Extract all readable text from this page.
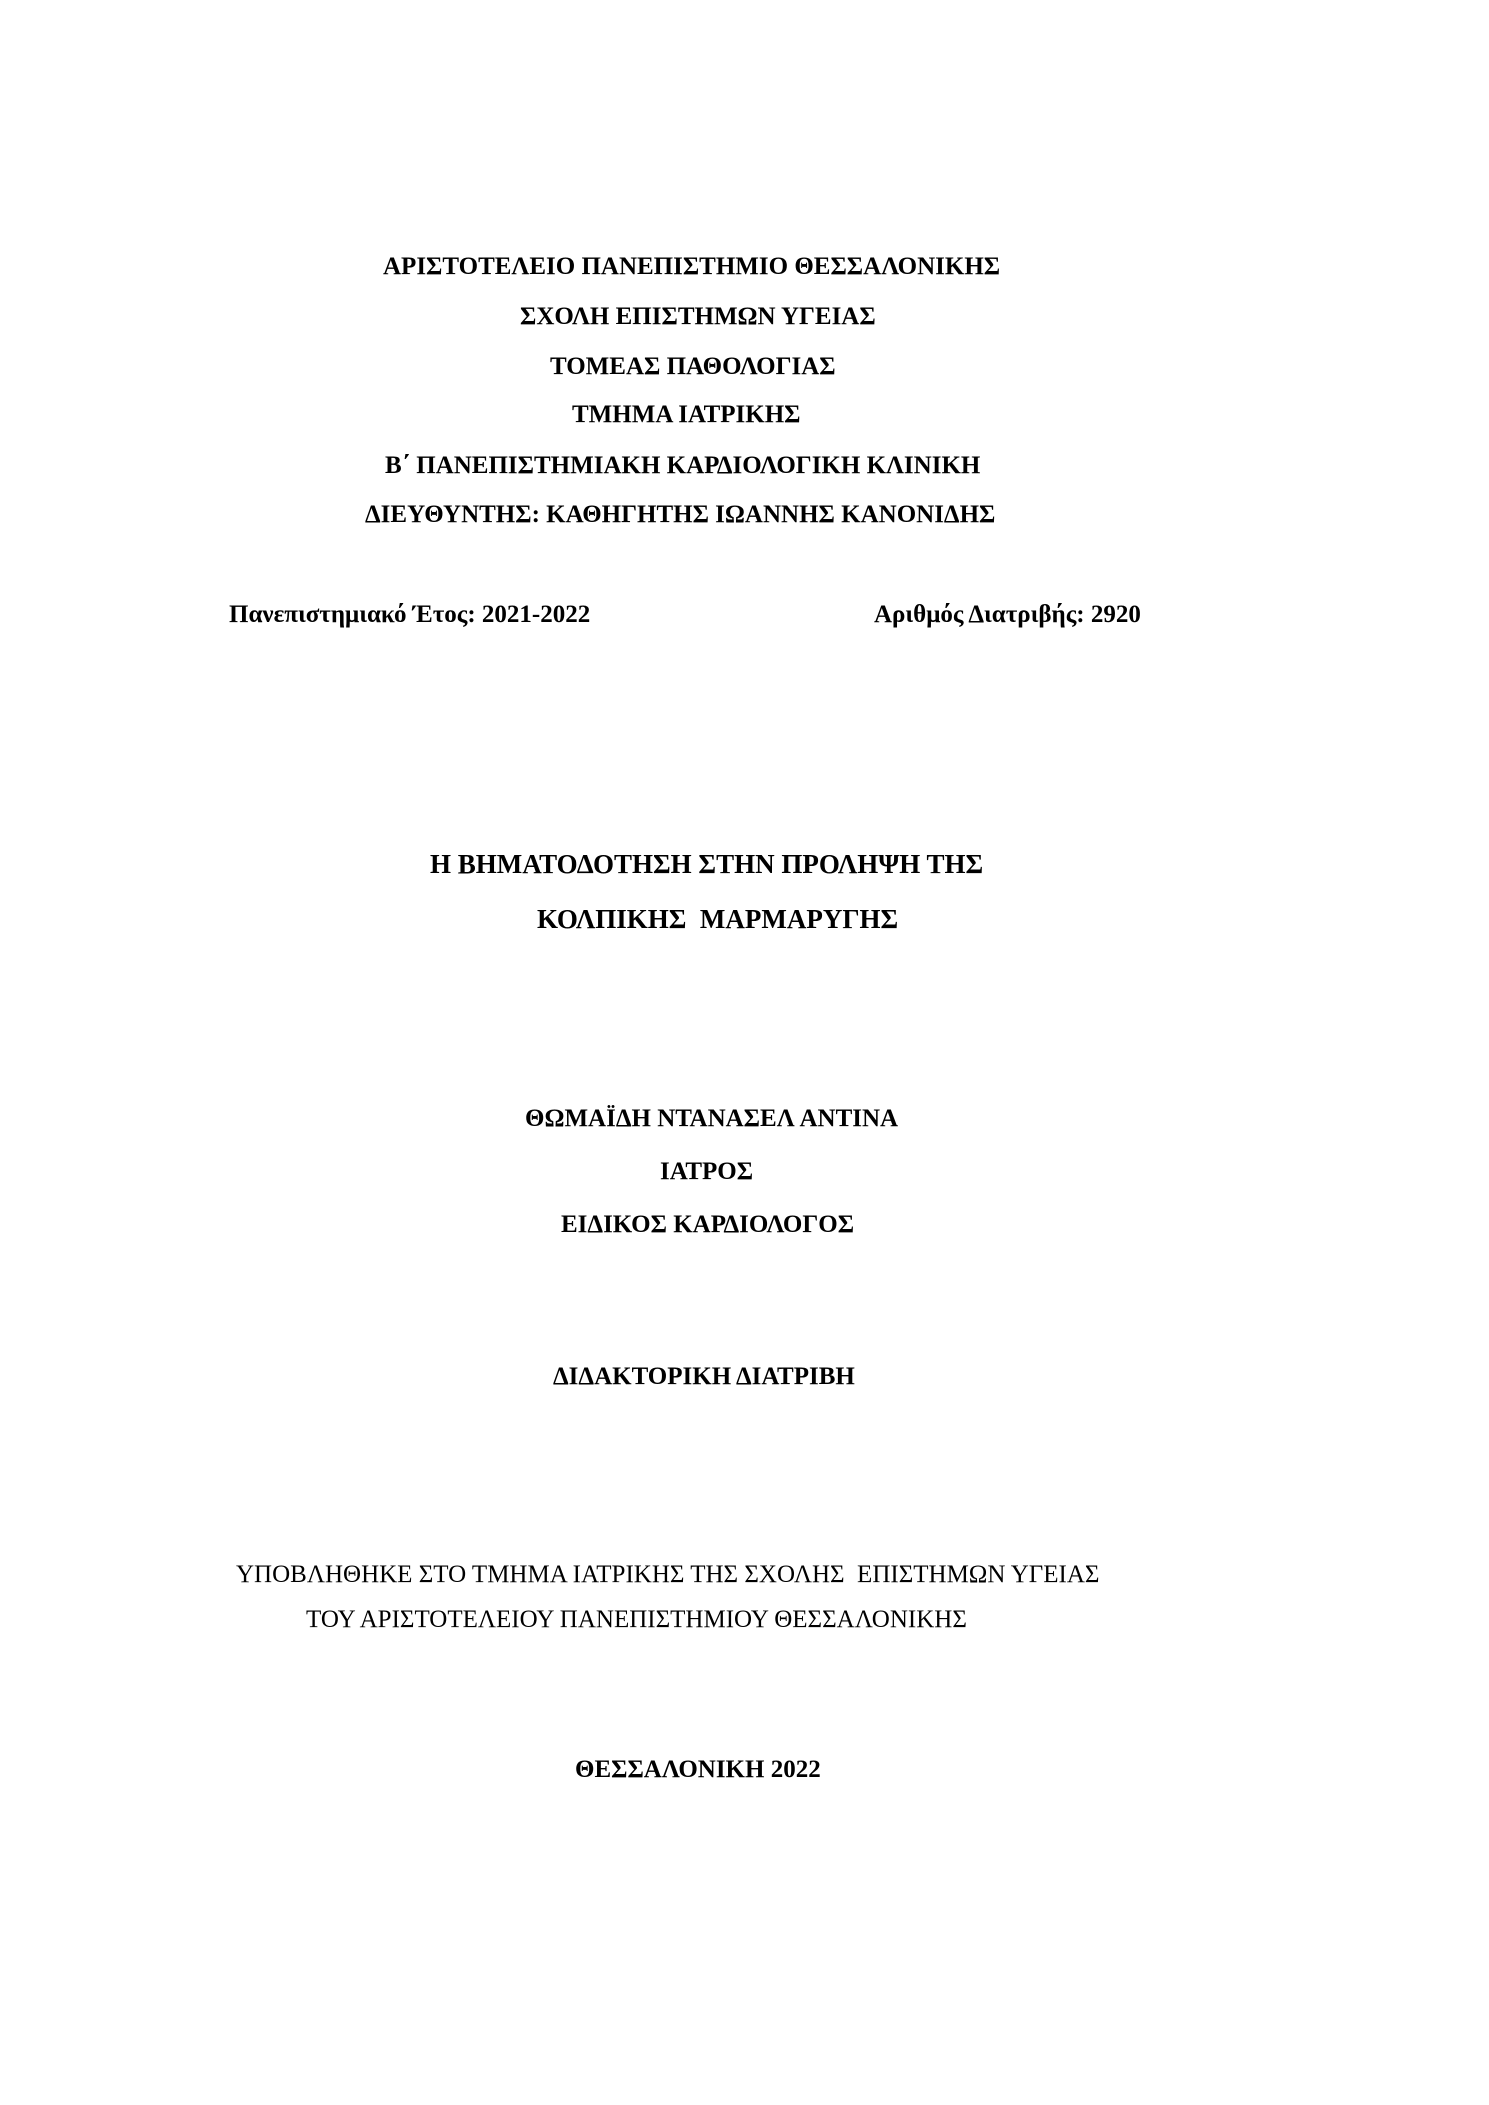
ΑΡΙΣΤΟΤΕΛΕΙΟ ΠΑΝΕΠΙΣΤΗΜΙΟ ΘΕΣΣΑΛΟΝΙΚΗΣ
ΣΧΟΛΗ ΕΠΙΣΤΗΜΩΝ ΥΓΕΙΑΣ
ΤΟΜΕΑΣ ΠΑΘΟΛΟΓΙΑΣ
ΤΜΗΜΑ ΙΑΤΡΙΚΗΣ
Β΄ ΠΑΝΕΠΙΣΤΗΜΙΑΚΗ ΚΑΡΔΙΟΛΟΓΙΚΗ ΚΛΙΝΙΚΗ
ΔΙΕΥΘΥΝΤΗΣ: ΚΑΘΗΓΗΤΗΣ ΙΩΑΝΝΗΣ ΚΑΝΟΝΙΔΗΣ
Πανεπιστημιακό Έτος: 2021-2022	Αριθμός Διατριβής: 2920
Η ΒΗΜΑΤΟΔΟΤΗΣΗ ΣΤΗΝ ΠΡΟΛΗΨΗ ΤΗΣ
ΚΟΛΠΙΚΗΣ  ΜΑΡΜΑΡΥΓΗΣ
ΘΩΜΑΪΔΗ ΝΤΑΝΑΣΕΛ ΑΝΤΙΝΑ
ΙΑΤΡΟΣ
ΕΙΔΙΚΟΣ ΚΑΡΔΙΟΛΟΓΟΣ
ΔΙΔΑΚΤΟΡΙΚΗ ΔΙΑΤΡΙΒΗ
ΥΠΟΒΛΗΘΗΚΕ ΣΤΟ ΤΜΗΜΑ ΙΑΤΡΙΚΗΣ ΤΗΣ ΣΧΟΛΗΣ  ΕΠΙΣΤΗΜΩΝ ΥΓΕΙΑΣ
ΤΟΥ ΑΡΙΣΤΟΤΕΛΕΙΟΥ ΠΑΝΕΠΙΣΤΗΜΙΟΥ ΘΕΣΣΑΛΟΝΙΚΗΣ
ΘΕΣΣΑΛΟΝΙΚΗ 2022
